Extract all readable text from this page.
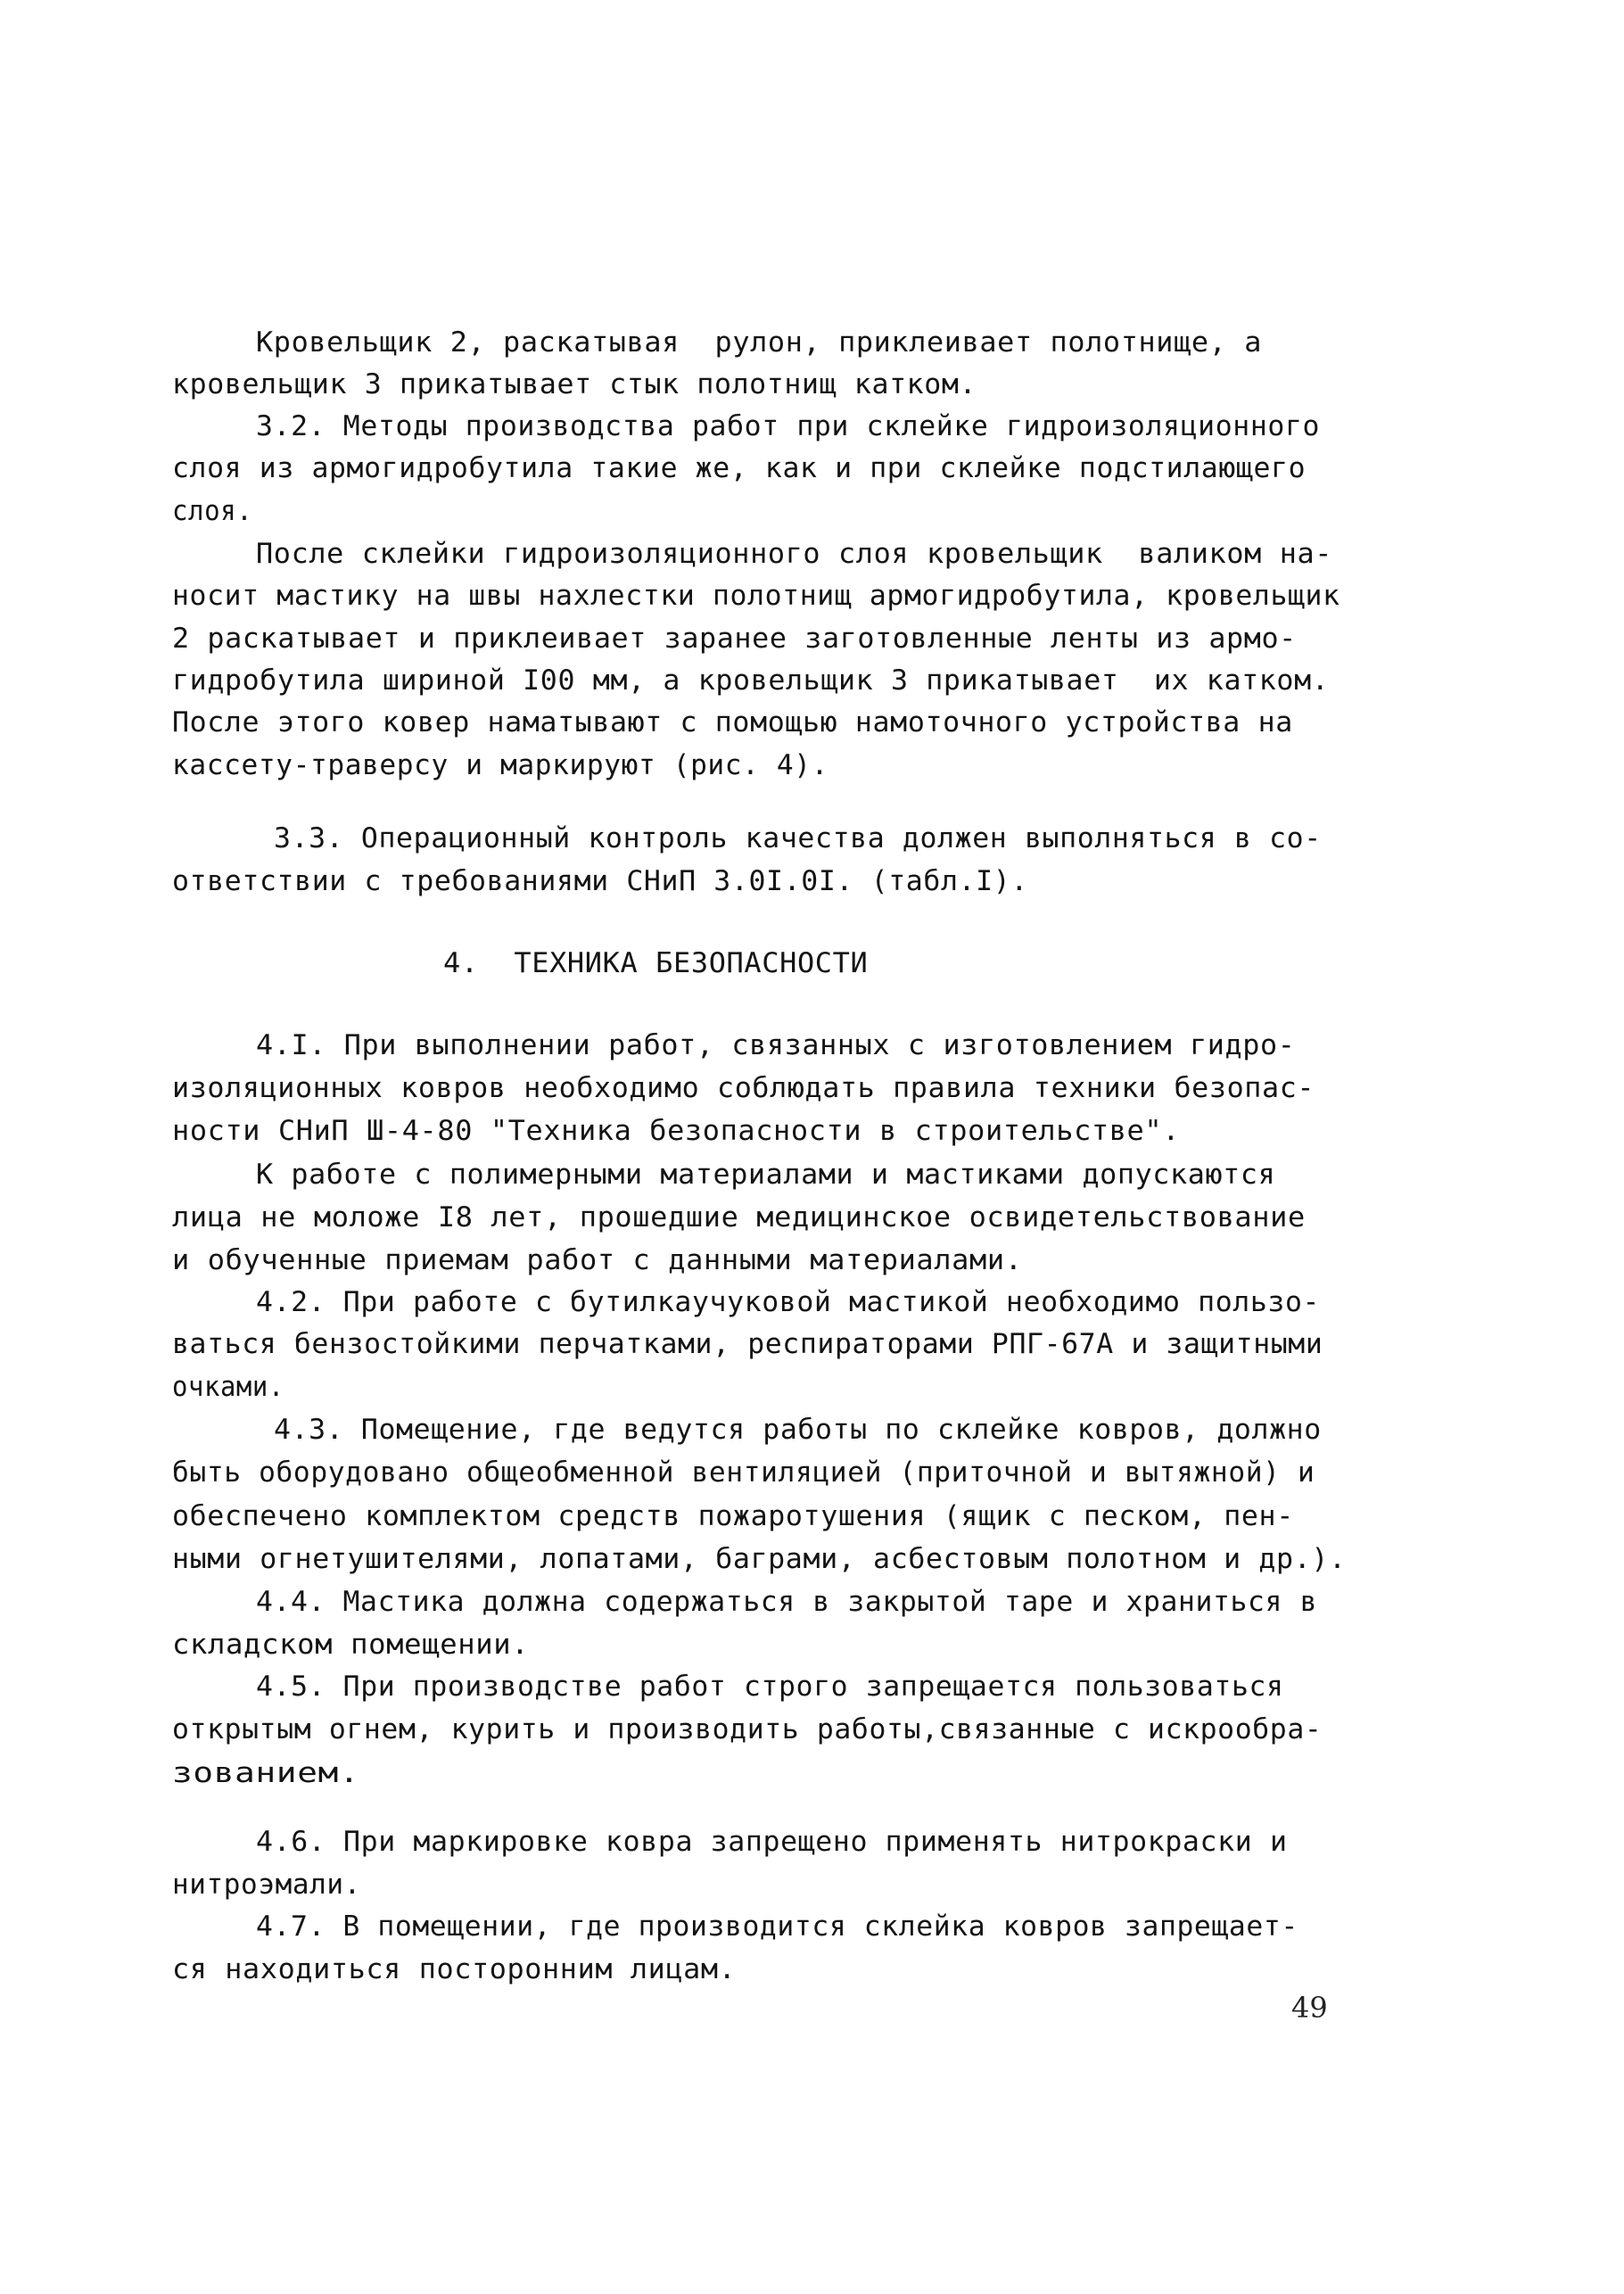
Кровельщик 2, раскатывая  рулон, приклеивает полотнище, а
кровельщик 3 прикатывает стык полотнищ катком.
3.2. Методы производства работ при склейке гидроизоляционного
слоя из армогидробутила такие же, как и при склейке подстилающего
слоя.
После склейки гидроизоляционного слоя кровельщик  валиком на-
носит мастику на швы нахлестки полотнищ армогидробутила, кровельщик
2 раскатывает и приклеивает заранее заготовленные ленты из армо-
гидробутила шириной I00 мм, а кровельщик 3 прикатывает  их катком.
После этого ковер наматывают с помощью намоточного устройства на
кассету-траверсу и маркируют (рис. 4).
3.3. Операционный контроль качества должен выполняться в со-
ответствии с требованиями СНиП 3.0I.0I. (табл.I).
4.  ТЕХНИКА БЕЗОПАСНОСТИ
4.I. При выполнении работ, связанных с изготовлением гидро-
изоляционных ковров необходимо соблюдать правила техники безопас-
ности СНиП Ш-4-80 "Техника безопасности в строительстве".
К работе с полимерными материалами и мастиками допускаются
лица не моложе I8 лет, прошедшие медицинское освидетельствование
и обученные приемам работ с данными материалами.
4.2. При работе с бутилкаучуковой мастикой необходимо пользо-
ваться бензостойкими перчатками, респираторами РПГ-67А и защитными
очками.
4.3. Помещение, где ведутся работы по склейке ковров, должно
быть оборудовано общеобменной вентиляцией (приточной и вытяжной) и
обеспечено комплектом средств пожаротушения (ящик с песком, пен-
ными огнетушителями, лопатами, баграми, асбестовым полотном и др.).
4.4. Мастика должна содержаться в закрытой таре и храниться в
складском помещении.
4.5. При производстве работ строго запрещается пользоваться
открытым огнем, курить и производить работы,связанные с искрообра-
зованием.
4.6. При маркировке ковра запрещено применять нитрокраски и
нитроэмали.
4.7. В помещении, где производится склейка ковров запрещает-
ся находиться посторонним лицам.
49
